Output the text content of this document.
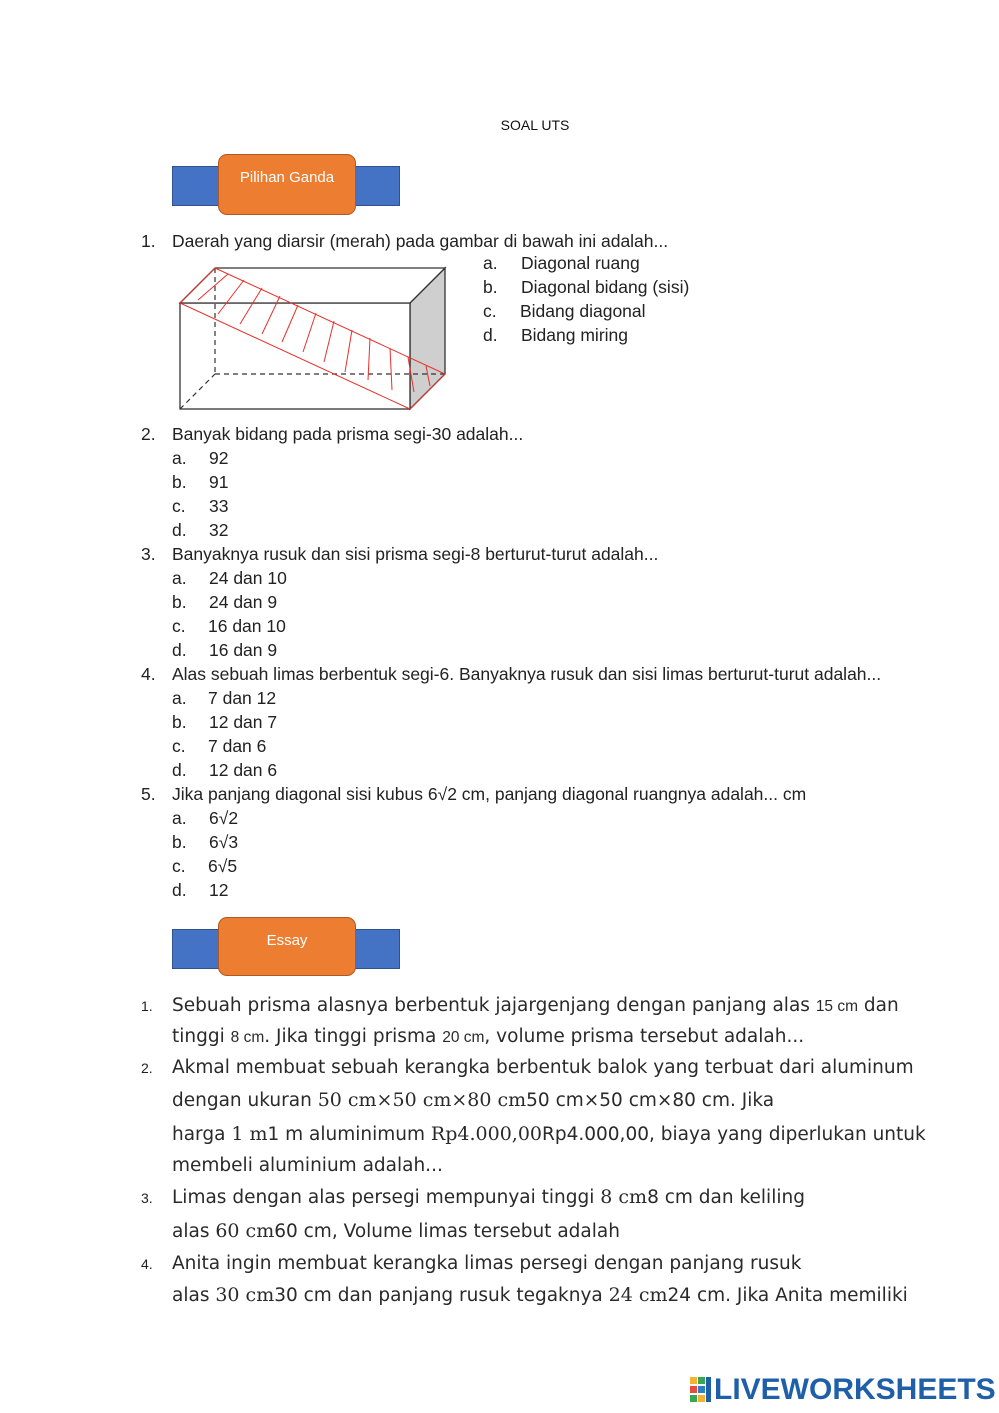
SOAL UTS
Pilihan Ganda
1. Daerah yang diarsir (merah) pada gambar di bawah ini adalah...
a. Diagonal ruang
b. Diagonal bidang (sisi)
c. Bidang diagonal
d. Bidang miring
2. Banyak bidang pada prisma segi-30 adalah...
a. 92
b. 91
c. 33
d. 32
3. Banyaknya rusuk dan sisi prisma segi-8 berturut-turut adalah...
a. 24 dan 10
b. 24 dan 9
c. 16 dan 10
d. 16 dan 9
4. Alas sebuah limas berbentuk segi-6. Banyaknya rusuk dan sisi limas berturut-turut adalah...
a. 7 dan 12
b. 12 dan 7
c. 7 dan 6
d. 12 dan 6
5. Jika panjang diagonal sisi kubus 6√2 cm, panjang diagonal ruangnya adalah... cm
a. 6√2
b. 6√3
c. 6√5
d. 12
Essay
1. Sebuah prisma alasnya berbentuk jajargenjang dengan panjang alas 15 cm dan
tinggi 8 cm. Jika tinggi prisma 20 cm, volume prisma tersebut adalah...
2. Akmal membuat sebuah kerangka berbentuk balok yang terbuat dari aluminum
dengan ukuran 50 cm×50 cm×80 cm50 cm×50 cm×80 cm. Jika
harga 1 m1 m aluminimum Rp4.000,00Rp4.000,00, biaya yang diperlukan untuk
membeli aluminium adalah...
3. Limas dengan alas persegi mempunyai tinggi 8 cm8 cm dan keliling
alas 60 cm60 cm, Volume limas tersebut adalah
4. Anita ingin membuat kerangka limas persegi dengan panjang rusuk
alas 30 cm30 cm dan panjang rusuk tegaknya 24 cm24 cm. Jika Anita memiliki
LIVEWORKSHEETS
